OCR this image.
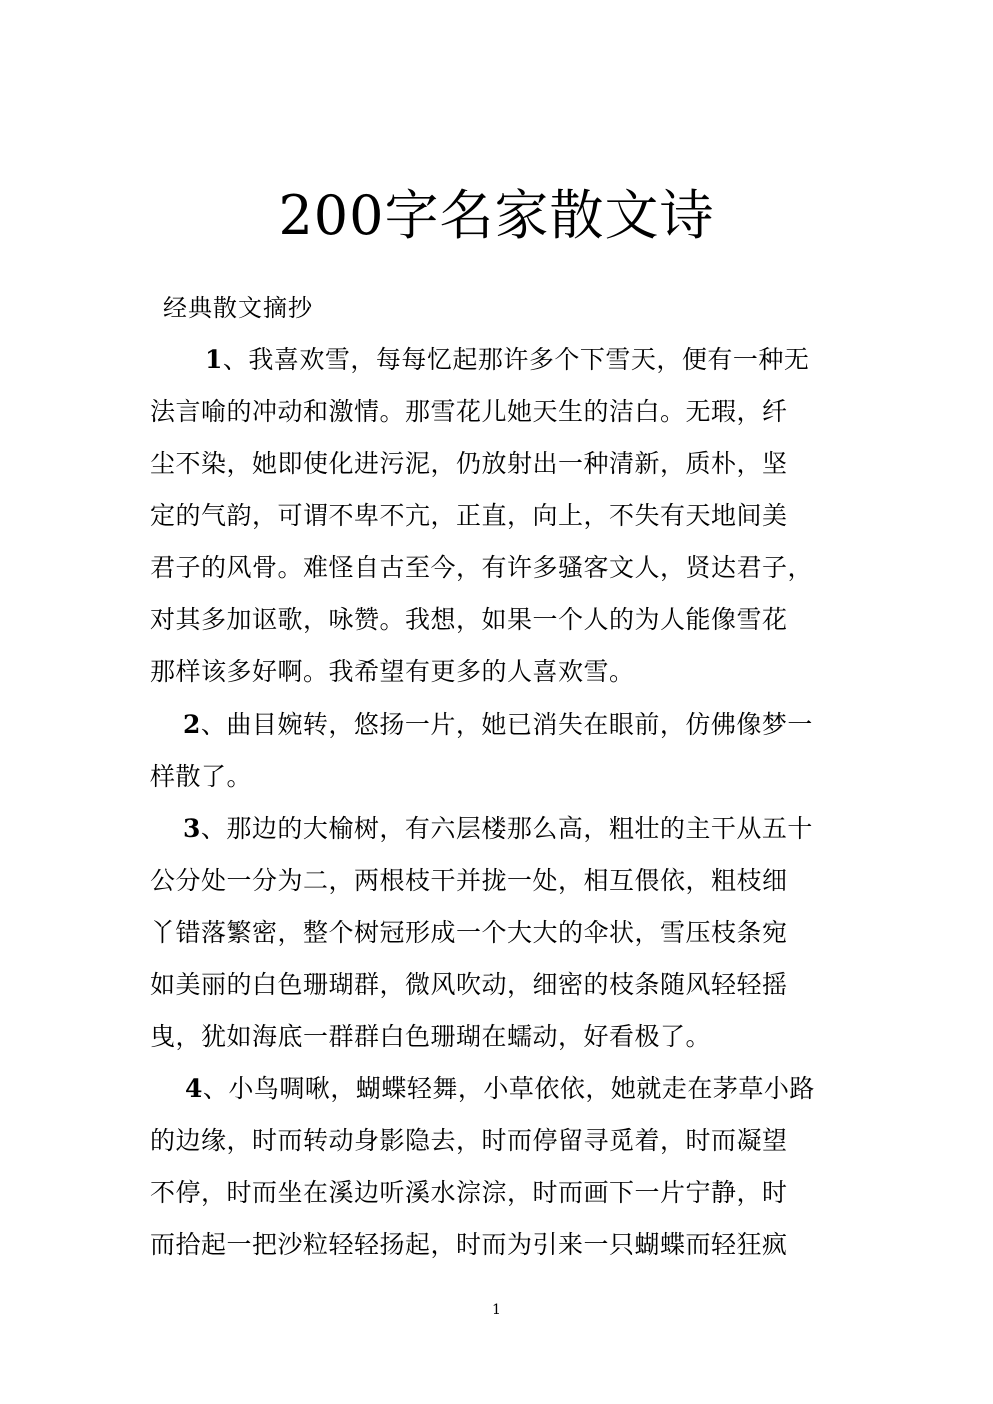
200字名家散文诗
经典散文摘抄
1、我喜欢雪，每每忆起那许多个下雪天，便有一种无
法言喻的冲动和激情。那雪花儿她天生的洁白。无瑕，纤
尘不染，她即使化进污泥，仍放射出一种清新，质朴，坚
定的气韵，可谓不卑不亢，正直，向上，不失有天地间美
君子的风骨。难怪自古至今，有许多骚客文人，贤达君子，
对其多加讴歌，咏赞。我想，如果一个人的为人能像雪花
那样该多好啊。我希望有更多的人喜欢雪。
2、曲目婉转，悠扬一片，她已消失在眼前，仿佛像梦一
样散了。
3、那边的大榆树，有六层楼那么高，粗壮的主干从五十
公分处一分为二，两根枝干并拢一处，相互偎依，粗枝细
丫错落繁密，整个树冠形成一个大大的伞状，雪压枝条宛
如美丽的白色珊瑚群，微风吹动，细密的枝条随风轻轻摇
曳，犹如海底一群群白色珊瑚在蠕动，好看极了。
4、小鸟啁啾，蝴蝶轻舞，小草依依，她就走在茅草小路
的边缘，时而转动身影隐去，时而停留寻觅着，时而凝望
不停，时而坐在溪边听溪水淙淙，时而画下一片宁静，时
而拾起一把沙粒轻轻扬起，时而为引来一只蝴蝶而轻狂疯
1
